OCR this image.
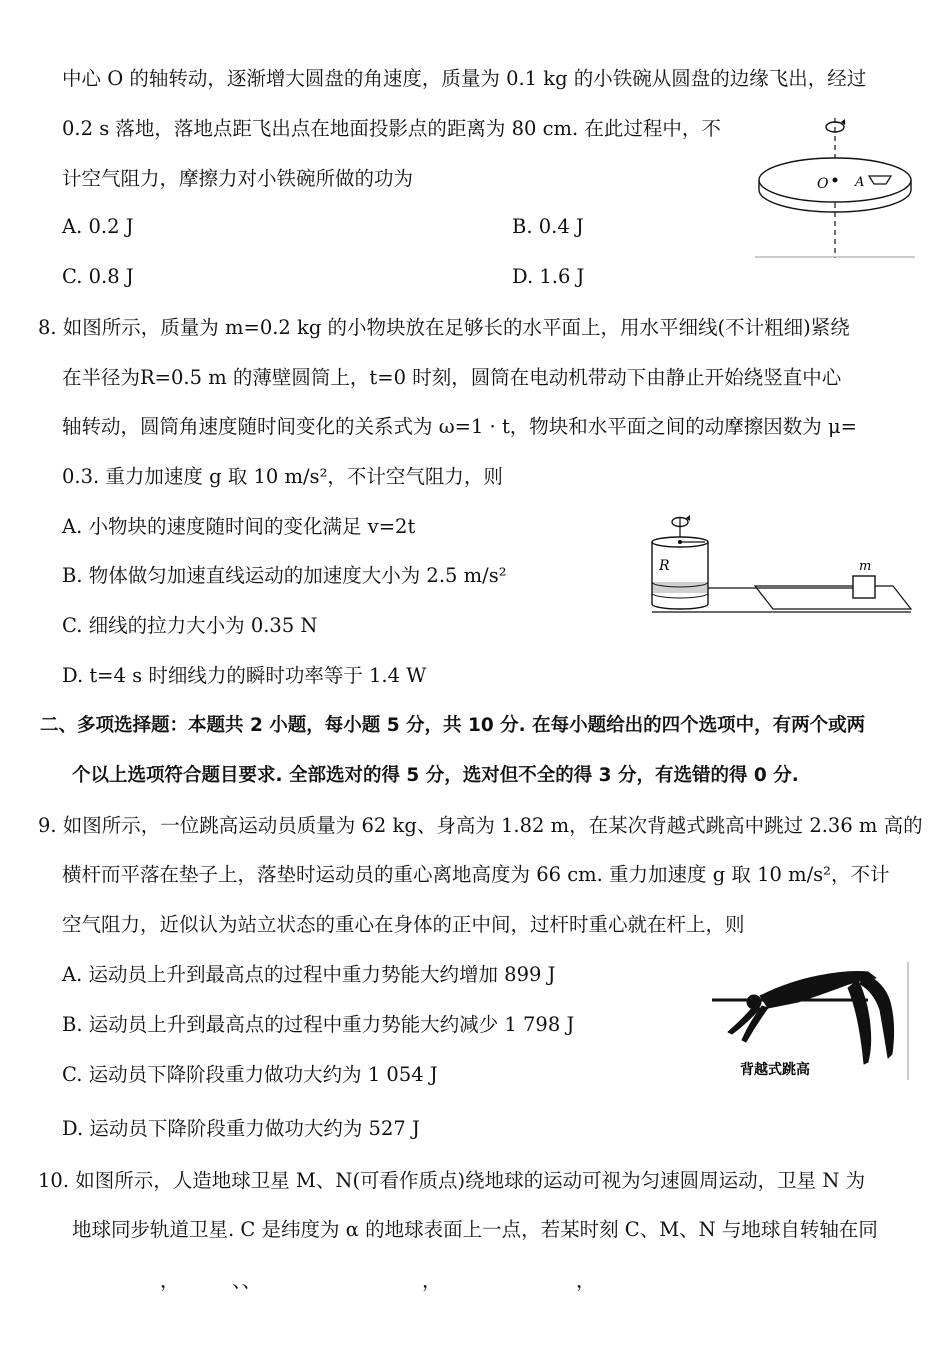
中心 O 的轴转动，逐渐增大圆盘的角速度，质量为 0.1 kg 的小铁碗从圆盘的边缘飞出，经过
0.2 s 落地，落地点距飞出点在地面投影点的距离为 80 cm. 在此过程中，不
计空气阻力，摩擦力对小铁碗所做的功为
A. 0.2 J	B. 0.4 J
C. 0.8 J	D. 1.6 J
O A
8. 如图所示，质量为 m=0.2 kg 的小物块放在足够长的水平面上，用水平细线(不计粗细)紧绕
在半径为R=0.5 m 的薄壁圆筒上，t=0 时刻，圆筒在电动机带动下由静止开始绕竖直中心
轴转动，圆筒角速度随时间变化的关系式为 ω=1 · t，物块和水平面之间的动摩擦因数为 μ=
0.3. 重力加速度 g 取 10 m/s²，不计空气阻力，则
A. 小物块的速度随时间的变化满足 v=2t
B. 物体做匀加速直线运动的加速度大小为 2.5 m/s²
C. 细线的拉力大小为 0.35 N
D. t=4 s 时细线力的瞬时功率等于 1.4 W
R	m
二、多项选择题：本题共 2 小题，每小题 5 分，共 10 分. 在每小题给出的四个选项中，有两个或两
个以上选项符合题目要求. 全部选对的得 5 分，选对但不全的得 3 分，有选错的得 0 分.
9. 如图所示，一位跳高运动员质量为 62 kg、身高为 1.82 m，在某次背越式跳高中跳过 2.36 m 高的
横杆而平落在垫子上，落垫时运动员的重心离地高度为 66 cm. 重力加速度 g 取 10 m/s²，不计
空气阻力，近似认为站立状态的重心在身体的正中间，过杆时重心就在杆上，则
A. 运动员上升到最高点的过程中重力势能大约增加 899 J
B. 运动员上升到最高点的过程中重力势能大约减少 1 798 J
C. 运动员下降阶段重力做功大约为 1 054 J
D. 运动员下降阶段重力做功大约为 527 J
背越式跳高
10. 如图所示，人造地球卫星 M、N(可看作质点)绕地球的运动可视为匀速圆周运动，卫星 N 为
地球同步轨道卫星. C 是纬度为 α 的地球表面上一点，若某时刻 C、M、N 与地球自转轴在同
，	、、	，	，
